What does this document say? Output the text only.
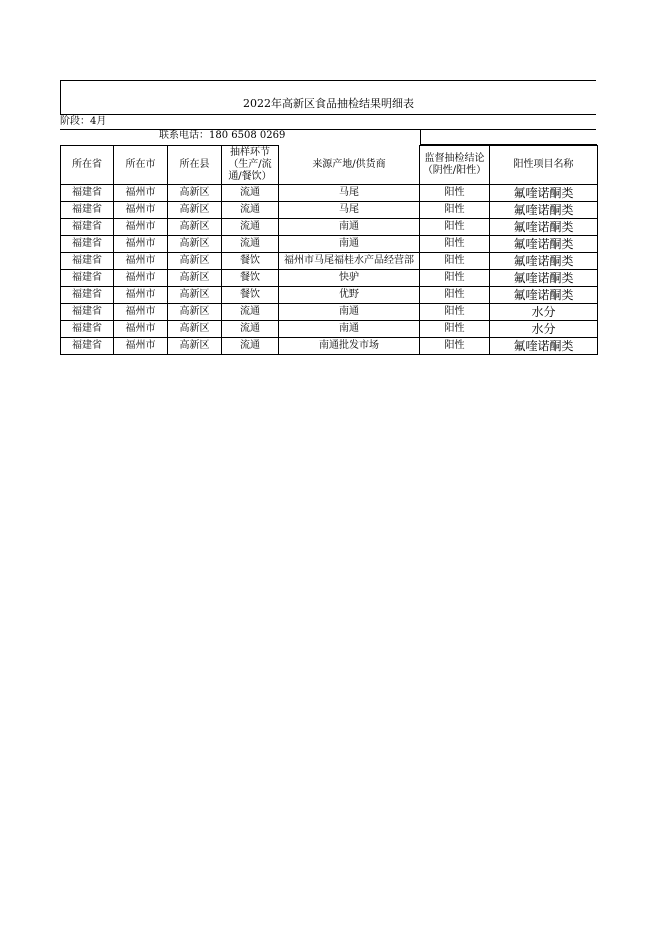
2022年高新区食品抽检结果明细表
阶段：4月
联系电话：180 6508 0269
所在省	所在市	所在县	抽样环节（生产/流通/餐饮）	来源产地/供货商	监督抽检结论（阴性/阳性）	阳性项目名称
福建省	福州市	高新区	流通	马尾	阳性	氟喹诺酮类
福建省	福州市	高新区	流通	马尾	阳性	氟喹诺酮类
福建省	福州市	高新区	流通	南通	阳性	氟喹诺酮类
福建省	福州市	高新区	流通	南通	阳性	氟喹诺酮类
福建省	福州市	高新区	餐饮	福州市马尾福桂水产品经营部	阳性	氟喹诺酮类
福建省	福州市	高新区	餐饮	快驴	阳性	氟喹诺酮类
福建省	福州市	高新区	餐饮	优野	阳性	氟喹诺酮类
福建省	福州市	高新区	流通	南通	阳性	水分
福建省	福州市	高新区	流通	南通	阳性	水分
福建省	福州市	高新区	流通	南通批发市场	阳性	氟喹诺酮类
